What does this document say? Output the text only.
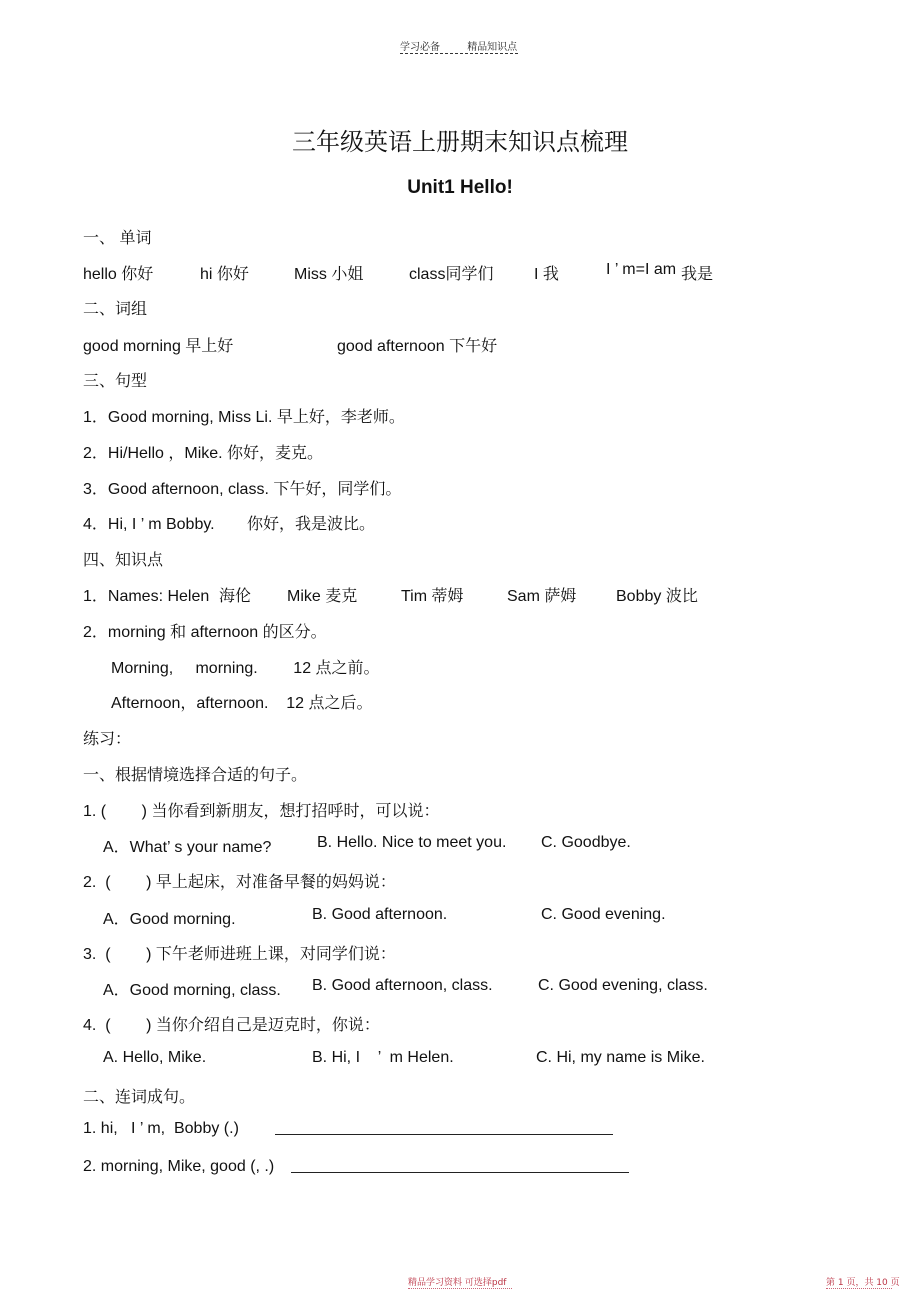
学习必备	精品知识点
三年级英语上册期末知识点梳理
Unit1 Hello!
一、 单词
hello 你好	hi 你好	Miss 小姐	class同学们	I 我	I ’ m=I am 我是
二、词组
good morning 早上好	good afternoon 下午好
三、句型
1．Good morning, Miss Li. 早上好，李老师。
2．Hi/Hello ，Mike. 你好，麦克。
3．Good afternoon, class. 下午好，同学们。
4．Hi, I ’ m Bobby. 你好，我是波比。
四、知识点
1．Names: Helen 海伦 Mike 麦克	Tim 蒂姆	Sam 萨姆 Bobby 波比
2．morning 和 afternoon 的区分。
Morning,     morning.        12 点之前。
Afternoon，afternoon.    12 点之后。
练习：
一、根据情境选择合适的句子。
1. (        ) 当你看到新朋友，想打招呼时，可以说：
A．What’ s your name?	B. Hello. Nice to meet you. C. Goodbye.
2.  (        ) 早上起床，对准备早餐的妈妈说：
A．Good morning.	B. Good afternoon.	C. Good evening.
3.  (        ) 下午老师进班上课，对同学们说：
A．Good morning, class. B. Good afternoon, class.	C. Good evening, class.
4.  (        ) 当你介绍自己是迈克时，你说：
A. Hello, Mike.	B. Hi, I    ’  m Helen.	C. Hi, my name is Mike.
二、连词成句。
1. hi,   I ’ m,  Bobby (.)
2. morning, Mike, good (, .)
精品学习资料 可选择pdf	第 1 页，共 10 页
